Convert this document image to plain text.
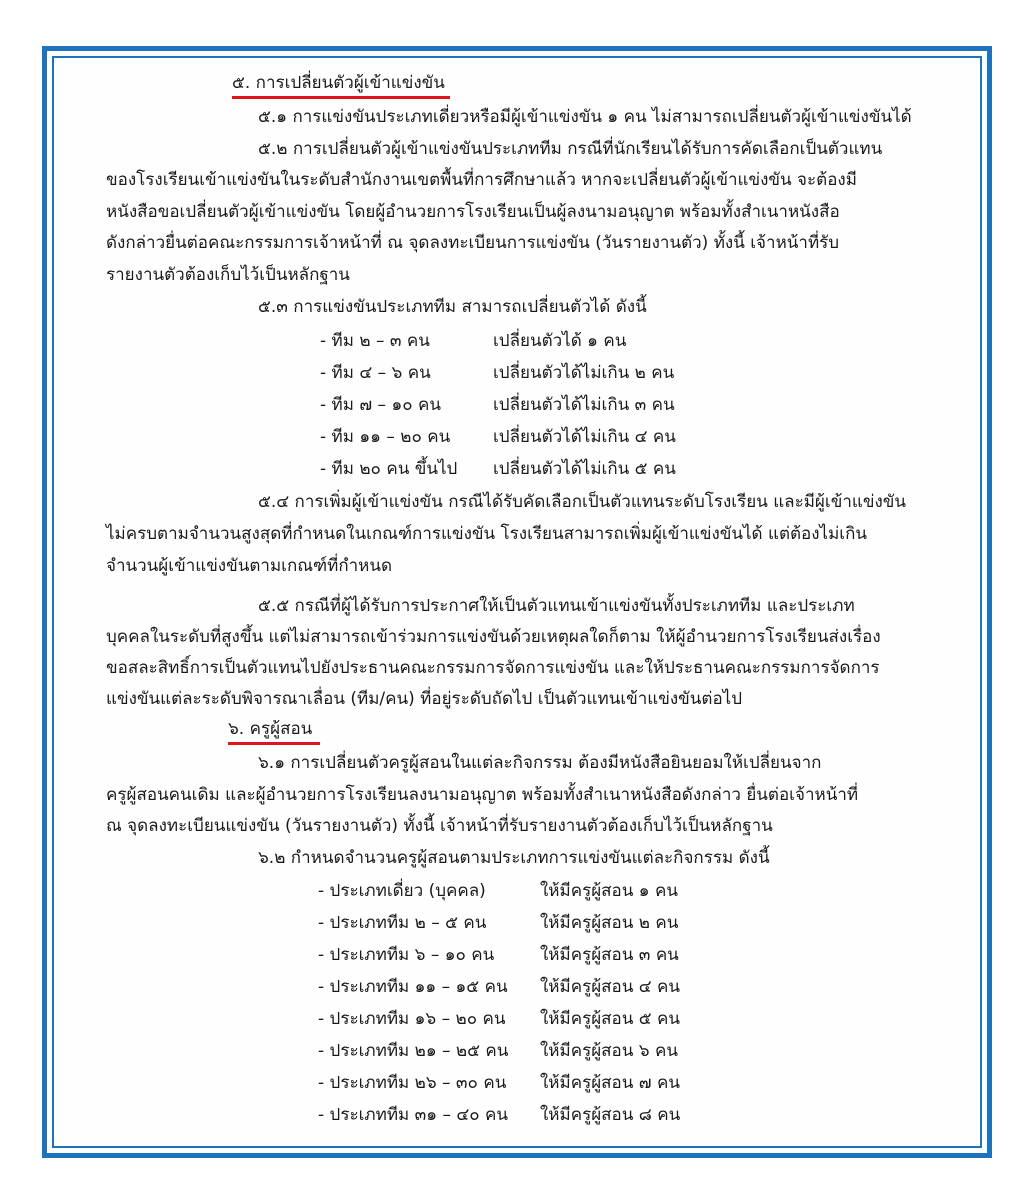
๕. การเปลี่ยนตัวผู้เข้าแข่งขัน
๕.๑ การแข่งขันประเภทเดี่ยวหรือมีผู้เข้าแข่งขัน ๑ คน ไม่สามารถเปลี่ยนตัวผู้เข้าแข่งขันได้
๕.๒ การเปลี่ยนตัวผู้เข้าแข่งขันประเภททีม กรณีที่นักเรียนได้รับการคัดเลือกเป็นตัวแทน
ของโรงเรียนเข้าแข่งขันในระดับสำนักงานเขตพื้นที่การศึกษาแล้ว หากจะเปลี่ยนตัวผู้เข้าแข่งขัน จะต้องมี
หนังสือขอเปลี่ยนตัวผู้เข้าแข่งขัน โดยผู้อำนวยการโรงเรียนเป็นผู้ลงนามอนุญาต พร้อมทั้งสำเนาหนังสือ
ดังกล่าวยื่นต่อคณะกรรมการเจ้าหน้าที่ ณ จุดลงทะเบียนการแข่งขัน (วันรายงานตัว) ทั้งนี้ เจ้าหน้าที่รับ
รายงานตัวต้องเก็บไว้เป็นหลักฐาน
๕.๓ การแข่งขันประเภททีม สามารถเปลี่ยนตัวได้ ดังนี้
- ทีม ๒ – ๓ คน	เปลี่ยนตัวได้ ๑ คน
- ทีม ๔ – ๖ คน	เปลี่ยนตัวได้ไม่เกิน ๒ คน
- ทีม ๗ – ๑๐ คน	เปลี่ยนตัวได้ไม่เกิน ๓ คน
- ทีม ๑๑ – ๒๐ คน	เปลี่ยนตัวได้ไม่เกิน ๔ คน
- ทีม ๒๐ คน ขึ้นไป เปลี่ยนตัวได้ไม่เกิน ๕ คน
๕.๔ การเพิ่มผู้เข้าแข่งขัน กรณีได้รับคัดเลือกเป็นตัวแทนระดับโรงเรียน และมีผู้เข้าแข่งขัน
ไม่ครบตามจำนวนสูงสุดที่กำหนดในเกณฑ์การแข่งขัน โรงเรียนสามารถเพิ่มผู้เข้าแข่งขันได้ แต่ต้องไม่เกิน
จำนวนผู้เข้าแข่งขันตามเกณฑ์ที่กำหนด
๕.๕ กรณีที่ผู้ได้รับการประกาศให้เป็นตัวแทนเข้าแข่งขันทั้งประเภททีม และประเภท
บุคคลในระดับที่สูงขึ้น แต่ไม่สามารถเข้าร่วมการแข่งขันด้วยเหตุผลใดก็ตาม ให้ผู้อำนวยการโรงเรียนส่งเรื่อง
ขอสละสิทธิ์การเป็นตัวแทนไปยังประธานคณะกรรมการจัดการแข่งขัน และให้ประธานคณะกรรมการจัดการ
แข่งขันแต่ละระดับพิจารณาเลื่อน (ทีม/คน) ที่อยู่ระดับถัดไป เป็นตัวแทนเข้าแข่งขันต่อไป
๖. ครูผู้สอน
๖.๑ การเปลี่ยนตัวครูผู้สอนในแต่ละกิจกรรม ต้องมีหนังสือยินยอมให้เปลี่ยนจาก
ครูผู้สอนคนเดิม และผู้อำนวยการโรงเรียนลงนามอนุญาต พร้อมทั้งสำเนาหนังสือดังกล่าว ยื่นต่อเจ้าหน้าที่
ณ จุดลงทะเบียนแข่งขัน (วันรายงานตัว) ทั้งนี้ เจ้าหน้าที่รับรายงานตัวต้องเก็บไว้เป็นหลักฐาน
๖.๒ กำหนดจำนวนครูผู้สอนตามประเภทการแข่งขันแต่ละกิจกรรม ดังนี้
- ประเภทเดี่ยว (บุคคล)	ให้มีครูผู้สอน ๑ คน
- ประเภททีม ๒ – ๕ คน	ให้มีครูผู้สอน ๒ คน
- ประเภททีม ๖ – ๑๐ คน	ให้มีครูผู้สอน ๓ คน
- ประเภททีม ๑๑ – ๑๕ คน ให้มีครูผู้สอน ๔ คน
- ประเภททีม ๑๖ – ๒๐ คน ให้มีครูผู้สอน ๕ คน
- ประเภททีม ๒๑ – ๒๕ คน ให้มีครูผู้สอน ๖ คน
- ประเภททีม ๒๖ – ๓๐ คน ให้มีครูผู้สอน ๗ คน
- ประเภททีม ๓๑ – ๔๐ คน ให้มีครูผู้สอน ๘ คน
